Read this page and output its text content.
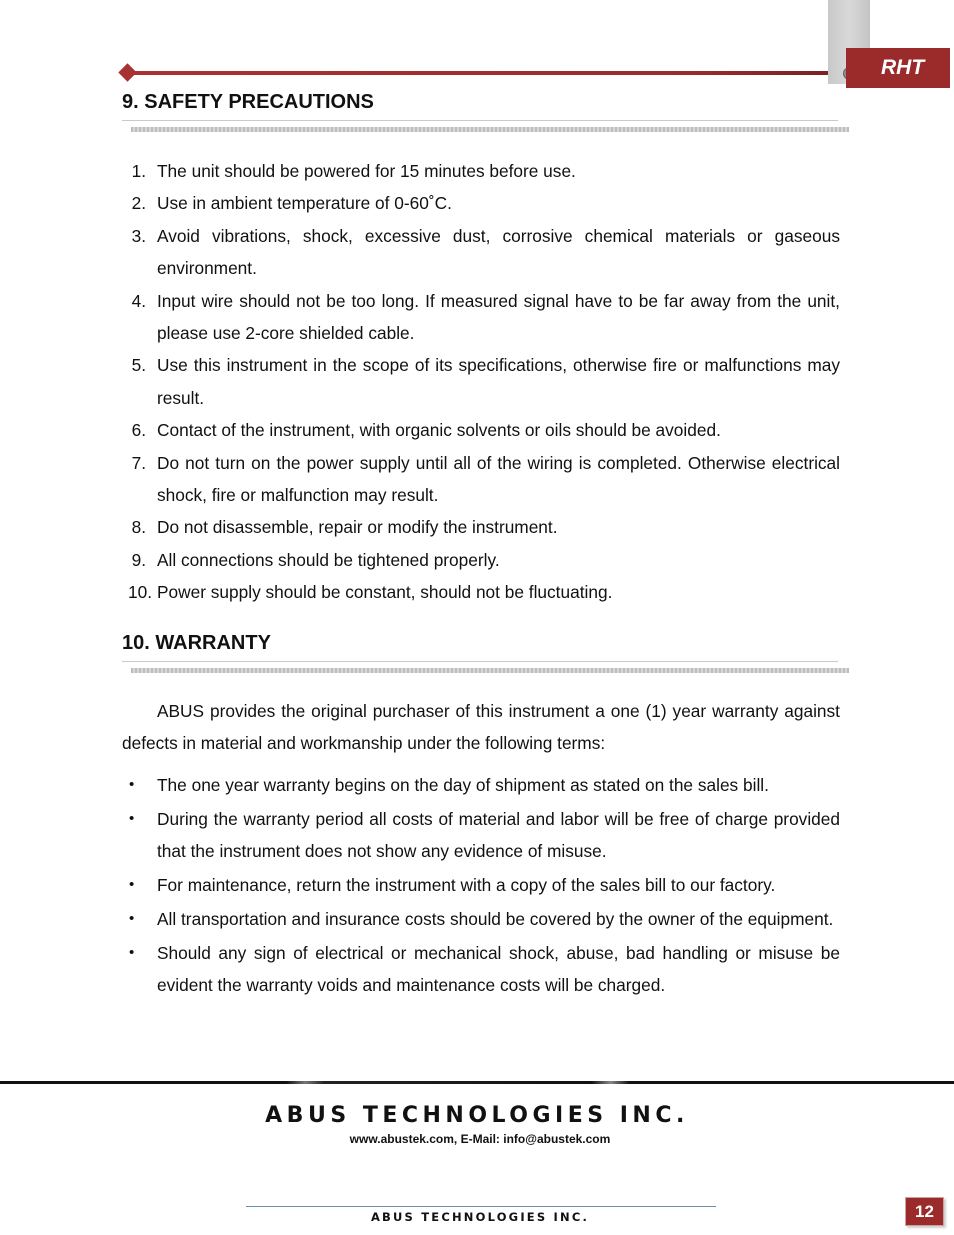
RHT
9. SAFETY PRECAUTIONS
1. The unit should be powered for 15 minutes before use.
2. Use in ambient temperature of 0-60˚C.
3. Avoid vibrations, shock, excessive dust, corrosive chemical materials or gaseous environment.
4. Input wire should not be too long. If measured signal have to be far away from the unit, please use 2-core shielded cable.
5. Use this instrument in the scope of its specifications, otherwise fire or malfunctions may result.
6. Contact of the instrument, with organic solvents or oils should be avoided.
7. Do not turn on the power supply until all of the wiring is completed. Otherwise electrical shock, fire or malfunction may result.
8. Do not disassemble, repair or modify the instrument.
9. All connections should be tightened properly.
10. Power supply should be constant, should not be fluctuating.
10. WARRANTY

ABUS provides the original purchaser of this instrument a one (1) year warranty against defects in material and workmanship under the following terms:

• The one year warranty begins on the day of shipment as stated on the sales bill.
• During the warranty period all costs of material and labor will be free of charge provided that the instrument does not show any evidence of misuse.
• For maintenance, return the instrument with a copy of the sales bill to our factory.
• All transportation and insurance costs should be covered by the owner of the equipment.
• Should any sign of electrical or mechanical shock, abuse, bad handling or misuse be evident the warranty voids and maintenance costs will be charged.
ABUS TECHNOLOGIES INC.
www.abustek.com, E-Mail: info@abustek.com
ABUS TECHNOLOGIES INC.	12
